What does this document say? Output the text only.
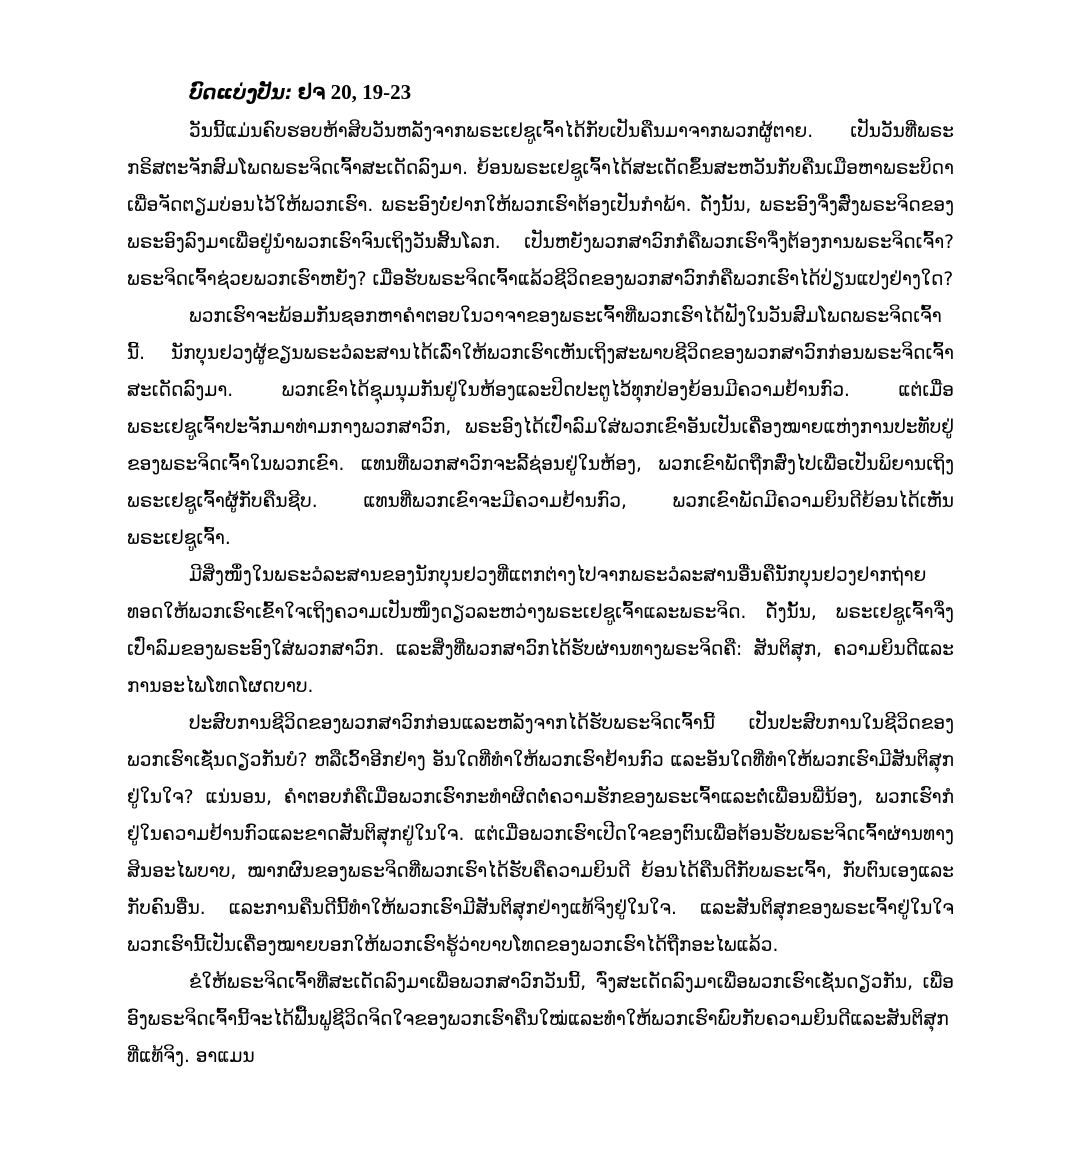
ບົດແບ່ງປັນ: ຢຈ 20, 19-23

ວັນນີ້ແມ່ນຄົບຮອບຫ້າສິບວັນຫລັງຈາກພຣະເຢຊູເຈົ້າໄດ້ກັບເປັນຄືນມາຈາກພວກຜູ້ຕາຍ. ເປັນວັນທີ່ພຣະກຣິສຕະຈັກສົມໂພດພຣະຈິດເຈົ້າສະເດັດລົງມາ. ຍ້ອນພຣະເຢຊູເຈົ້າໄດ້ສະເດັດຂຶ້ນສະຫວັນກັບຄືນເມືອຫາພຣະບິດາເພື່ອຈັດຕຽມບ່ອນໄວ້ໃຫ້ພວກເຮົາ. ພຣະອົງບໍ່ຢາກໃຫ້ພວກເຮົາຕ້ອງເປັນກຳພ້າ. ດັ່ງນັ້ນ, ພຣະອົງຈຶ່ງສົ່ງພຣະຈິດຂອງພຣະອົງລົງມາເພື່ອຢູ່ນຳພວກເຮົາຈົນເຖິງວັນສິ້ນໂລກ. ເປັນຫຍັງພວກສາວົກກໍຄືພວກເຮົາຈຶ່ງຕ້ອງການພຣະຈິດເຈົ້າ? ພຣະຈິດເຈົ້າຊ່ວຍພວກເຮົາຫຍັງ? ເມື່ອຮັບພຣະຈິດເຈົ້າແລ້ວຊີວິດຂອງພວກສາວົກກໍຄືພວກເຮົາໄດ້ປ່ຽນແປງຢ່າງໃດ?

ພວກເຮົາຈະພ້ອມກັນຊອກຫາຄຳຕອບໃນວາຈາຂອງພຣະເຈົ້າທີ່ພວກເຮົາໄດ້ຟັງໃນວັນສົມໂພດພຣະຈິດເຈົ້ານີ້. ນັກບຸນຢວງຜູ້ຂຽນພຣະວໍລະສານໄດ້ເລົ່າໃຫ້ພວກເຮົາເຫັນເຖິງສະພາບຊີວິດຂອງພວກສາວົກກ່ອນພຣະຈິດເຈົ້າສະເດັດລົງມາ. ພວກເຂົາໄດ້ຊຸມນຸມກັນຢູ່ໃນຫ້ອງແລະປິດປະຕູໄວ້ທຸກປ່ອງຍ້ອນມີຄວາມຢ້ານກົວ. ແຕ່ເມື່ອພຣະເຢຊູເຈົ້າປະຈັກມາທ່າມກາງພວກສາວົກ, ພຣະອົງໄດ້ເປົ່າລົມໃສ່ພວກເຂົາອັນເປັນເຄື່ອງໝາຍແຫ່ງການປະທັບຢູ່ຂອງພຣະຈິດເຈົ້າໃນພວກເຂົາ. ແທນທີ່ພວກສາວົກຈະລີ້ຊ່ອນຢູ່ໃນຫ້ອງ, ພວກເຂົາພັດຖືກສົ່ງໄປເພື່ອເປັນພິຍານເຖິງພຣະເຢຊູເຈົ້າຜູ້ກັບຄືນຊີບ. ແທນທີ່ພວກເຂົາຈະມີຄວາມຢ້ານກົວ, ພວກເຂົາພັດມີຄວາມຍິນດີຍ້ອນໄດ້ເຫັນພຣະເຢຊູເຈົ້າ.

ມີສິ່ງໜຶ່ງໃນພຣະວໍລະສານຂອງນັກບຸນຢວງທີ່ແຕກຕ່າງໄປຈາກພຣະວໍລະສານອື່ນຄືນັກບຸນຢວງຢາກຖ່າຍທອດໃຫ້ພວກເຮົາເຂົ້າໃຈເຖິງຄວາມເປັນໜຶ່ງດຽວລະຫວ່າງພຣະເຢຊູເຈົ້າແລະພຣະຈິດ. ດັ່ງນັ້ນ, ພຣະເຢຊູເຈົ້າຈຶ່ງເປົ່າລົມຂອງພຣະອົງໃສ່ພວກສາວົກ. ແລະສິ່ງທີ່ພວກສາວົກໄດ້ຮັບຜ່ານທາງພຣະຈິດຄື: ສັນຕິສຸກ, ຄວາມຍິນດີແລະການອະໄພໂທດໂຜດບາບ.

ປະສົບການຊີວິດຂອງພວກສາວົກກ່ອນແລະຫລັງຈາກໄດ້ຮັບພຣະຈິດເຈົ້ານີ້ ເປັນປະສົບການໃນຊີວິດຂອງພວກເຮົາເຊັ່ນດຽວກັນບໍ? ຫລືເວົ້າອີກຢ່າງ ອັນໃດທີ່ທຳໃຫ້ພວກເຮົາຢ້ານກົວ ແລະອັນໃດທີ່ທຳໃຫ້ພວກເຮົາມີສັນຕິສຸກຢູ່ໃນໃຈ? ແນ່ນອນ, ຄຳຕອບກໍຄືເມື່ອພວກເຮົາກະທຳຜິດຕໍ່ຄວາມຮັກຂອງພຣະເຈົ້າແລະຕໍ່ເພື່ອນພີ່ນ້ອງ, ພວກເຮົາກໍຢູ່ໃນຄວາມຢ້ານກົວແລະຂາດສັນຕິສຸກຢູ່ໃນໃຈ. ແຕ່ເມື່ອພວກເຮົາເປີດໃຈຂອງຕົນເພື່ອຕ້ອນຮັບພຣະຈິດເຈົ້າຜ່ານທາງສິນອະໄພບາບ, ໝາກຜົນຂອງພຣະຈິດທີ່ພວກເຮົາໄດ້ຮັບຄືຄວາມຍິນດີ ຍ້ອນໄດ້ຄືນດີກັບພຣະເຈົ້າ, ກັບຕົນເອງແລະກັບຄົນອື່ນ. ແລະການຄືນດີນີ້ທຳໃຫ້ພວກເຮົາມີສັນຕິສຸກຢ່າງແທ້ຈິງຢູ່ໃນໃຈ. ແລະສັນຕິສຸກຂອງພຣະເຈົ້າຢູ່ໃນໃຈພວກເຮົານີ້ເປັນເຄື່ອງໝາຍບອກໃຫ້ພວກເຮົາຮູ້ວ່າບາບໂທດຂອງພວກເຮົາໄດ້ຖືກອະໄພແລ້ວ.

ຂໍໃຫ້ພຣະຈິດເຈົ້າທີ່ສະເດັດລົງມາເພື່ອພວກສາວົກວັນນີ້, ຈົ່ງສະເດັດລົງມາເພື່ອພວກເຮົາເຊັ່ນດຽວກັນ, ເພື່ອອົງພຣະຈິດເຈົ້ານີ້ຈະໄດ້ຟື້ນຟູຊີວິດຈິດໃຈຂອງພວກເຮົາຄືນໃໝ່ແລະທຳໃຫ້ພວກເຮົາພົບກັບຄວາມຍິນດີແລະສັນຕິສຸກທີ່ແທ້ຈິງ. ອາແມນ
